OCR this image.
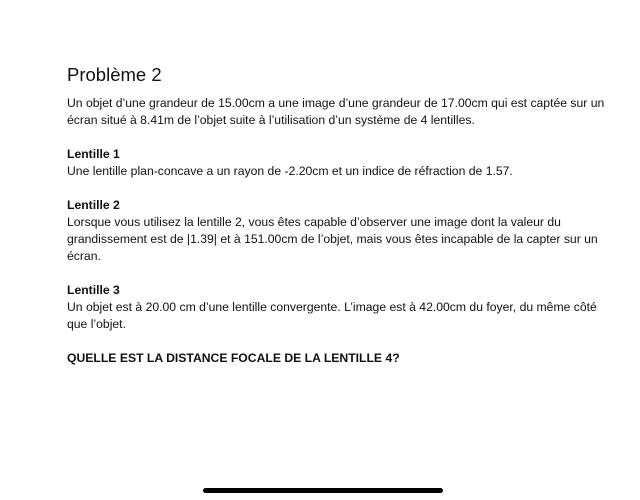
Problème 2

Un objet d’une grandeur de 15.00cm a une image d’une grandeur de 17.00cm qui est captée sur un écran situé à 8.41m de l’objet suite à l’utilisation d’un système de 4 lentilles.

Lentille 1

Une lentille plan-concave a un rayon de -2.20cm et un indice de réfraction de 1.57.

Lentille 2

Lorsque vous utilisez la lentille 2, vous êtes capable d’observer une image dont la valeur du grandissement est de |1.39| et à 151.00cm de l’objet, mais vous êtes incapable de la capter sur un écran.

Lentille 3

Un objet est à 20.00 cm d’une lentille convergente. L’image est à 42.00cm du foyer, du même côté que l’objet.

QUELLE EST LA DISTANCE FOCALE DE LA LENTILLE 4?
